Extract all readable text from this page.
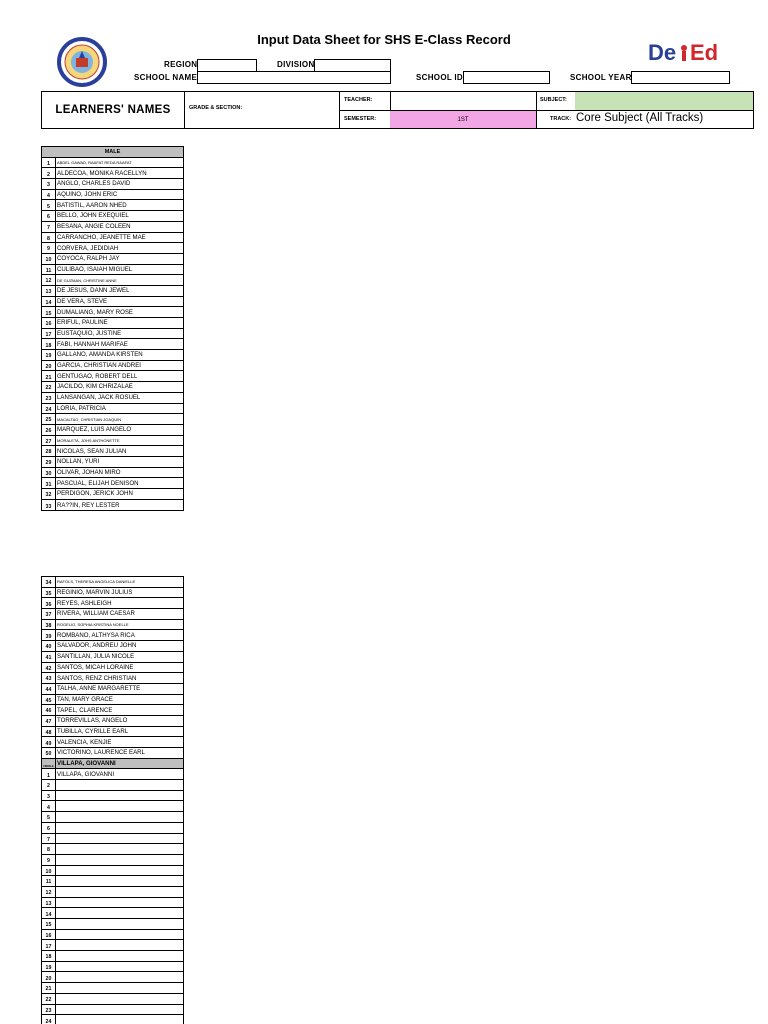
Input Data Sheet for SHS E-Class Record
De Ed
REGION	DIVISION
SCHOOL NAME	SCHOOL ID	SCHOOL YEAR
LEARNERS' NAMES	GRADE & SECTION:
TEACHER:	SUBJECT:
SEMESTER:	1ST	TRACK: Core Subject (All Tracks)
MALE
1	ABDEL GAWAD, RAAFAT REDA RAAFAT
2	ALDECOA, MONIKA RACELLYN
3	ANGLO, CHARLES DAVID
4	AQUINO, JOHN ERIC
5	BATISTIL, AARON NHED
6	BELLO, JOHN EXEQUIEL
7	BESANA, ANGIE COLEEN
8	CARRANCHO, JEANETTE MAE
9	CORVERA, JEDIDIAH
10 COYOCA, RALPH JAY
11 CULIBAO, ISAIAH MIGUEL
12	DE GUZMAN, CHRISTINE ANNE
13 DE JESUS, DANN JEWEL
14 DE VERA, STEVE
15 DUMALIANG, MARY ROSE
16 ERIFUL, PAULINE
17 EUSTAQUIO, JUSTINE
18 FABI, HANNAH MARIFAE
19 GALLANO, AMANDA KIRSTEN
20 GARCIA, CHRISTIAN ANDREI
21 GENTUGAO, ROBERT DELL
22 JACILDO, KIM CHRIZALAE
23 LANSANGAN, JACK ROSUEL
24 LORIA, PATRICIA
25	MACALTAO, CHRISTIAN JOAQUIN
26 MARQUEZ, LUIS ANGELO
27	MORALETA, JOHS ANTHONETTE
28 NICOLAS, SEAN JULIAN
29 NOLLAN, YURI
30 OLIVAR, JOHAN MIRO
31 PASCUAL, ELIJAH DENISON
32 PERDIGON, JERICK JOHN
33 RA??IN, REY LESTER
34	RAFOLS, THERESA ANGELICA DANIELLE
35 REGINIO, MARVIN JULIUS
36 REYES, ASHLEIGH
37 RIVERA, WILLIAM CAESAR
38	ROGELIO, SOPHIA KRISTINA NOELLE
39 ROMBANO, ALTHYSA RICA
40 SALVADOR, ANDREU JOHN
41 SANTILLAN, JULIA NICOLE
42 SANTOS, MICAH LORAINE
43 SANTOS, RENZ CHRISTIAN
44 TALHA, ANNE MARGARETTE
45 TAN, MARY GRACE
46 TAPEL, CLARENCE
47 TORREVILLAS, ANGELO
48 TUBILLA, CYRILLE EARL
49 VALENCIA, KENJIE
50 VICTORINO, LAURENCE EARL
FEMALE VILLAPA, GIOVANNI
1	VILLAPA, GIOVANNI
2
3
4
5
6
7
8
9
10
11
12
13
14
15
16
17
18
19
20
21
22
23
24
